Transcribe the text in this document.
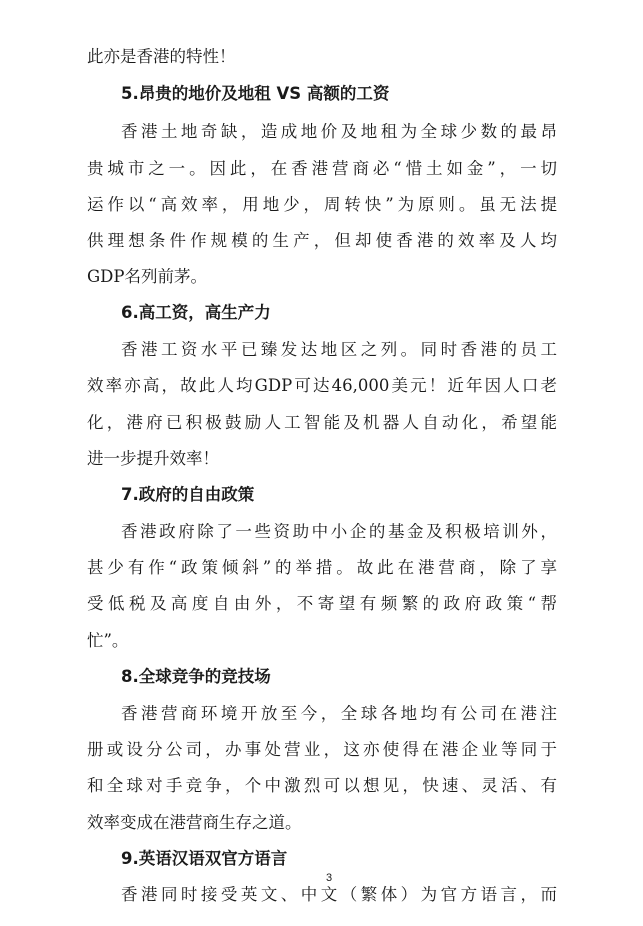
此亦是香港的特性！
5.昂贵的地价及地租 VS 高额的工资
香港土地奇缺，造成地价及地租为全球少数的最昂
贵城市之一。因此，在香港营商必“惜土如金”，一切
运作以“高效率，用地少，周转快”为原则。虽无法提
供理想条件作规模的生产，但却使香港的效率及人均
GDP名列前茅。
6.高工资，高生产力
香港工资水平已臻发达地区之列。同时香港的员工
效率亦高，故此人均GDP可达46,000美元！近年因人口老
化，港府已积极鼓励人工智能及机器人自动化，希望能
进一步提升效率！
7.政府的自由政策
香港政府除了一些资助中小企的基金及积极培训外，
甚少有作“政策倾斜”的举措。故此在港营商，除了享
受低税及高度自由外，不寄望有频繁的政府政策“帮
忙”。
8.全球竞争的竞技场
香港营商环境开放至今，全球各地均有公司在港注
册或设分公司，办事处营业，这亦使得在港企业等同于
和全球对手竞争，个中激烈可以想见，快速、灵活、有
效率变成在港营商生存之道。
9.英语汉语双官方语言
香港同时接受英文、中文（繁体）为官方语言，而
3
